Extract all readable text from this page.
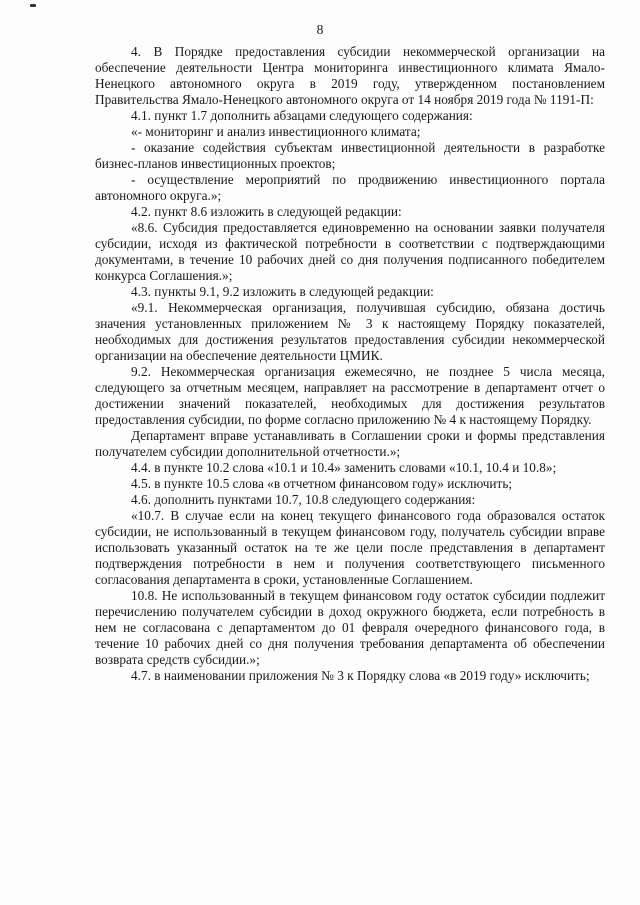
8

4. В Порядке предоставления субсидии некоммерческой организации на обеспечение деятельности Центра мониторинга инвестиционного климата Ямало-Ненецкого автономного округа в 2019 году, утвержденном постановлением Правительства Ямало-Ненецкого автономного округа от 14 ноября 2019 года № 1191-П:

4.1. пункт 1.7 дополнить абзацами следующего содержания:

«- мониторинг и анализ инвестиционного климата;

- оказание содействия субъектам инвестиционной деятельности в разработке бизнес-планов инвестиционных проектов;

- осуществление мероприятий по продвижению инвестиционного портала автономного округа.»;

4.2. пункт 8.6 изложить в следующей редакции:

«8.6. Субсидия предоставляется единовременно на основании заявки получателя субсидии, исходя из фактической потребности в соответствии с подтверждающими документами, в течение 10 рабочих дней со дня получения подписанного победителем конкурса Соглашения.»;

4.3. пункты 9.1, 9.2 изложить в следующей редакции:

«9.1. Некоммерческая организация, получившая субсидию, обязана достичь значения установленных приложением № 3 к настоящему Порядку показателей, необходимых для достижения результатов предоставления субсидии некоммерческой организации на обеспечение деятельности ЦМИК.

9.2. Некоммерческая организация ежемесячно, не позднее 5 числа месяца, следующего за отчетным месяцем, направляет на рассмотрение в департамент отчет о достижении значений показателей, необходимых для достижения результатов предоставления субсидии, по форме согласно приложению № 4 к настоящему Порядку.

Департамент вправе устанавливать в Соглашении сроки и формы представления получателем субсидии дополнительной отчетности.»;

4.4. в пункте 10.2 слова «10.1 и 10.4» заменить словами «10.1, 10.4 и 10.8»;

4.5. в пункте 10.5 слова «в отчетном финансовом году» исключить;

4.6. дополнить пунктами 10.7, 10.8 следующего содержания:

«10.7. В случае если на конец текущего финансового года образовался остаток субсидии, не использованный в текущем финансовом году, получатель субсидии вправе использовать указанный остаток на те же цели после представления в департамент подтверждения потребности в нем и получения соответствующего письменного согласования департамента в сроки, установленные Соглашением.

10.8. Не использованный в текущем финансовом году остаток субсидии подлежит перечислению получателем субсидии в доход окружного бюджета, если потребность в нем не согласована с департаментом до 01 февраля очередного финансового года, в течение 10 рабочих дней со дня получения требования департамента об обеспечении возврата средств субсидии.»;

4.7. в наименовании приложения № 3 к Порядку слова «в 2019 году» исключить;
